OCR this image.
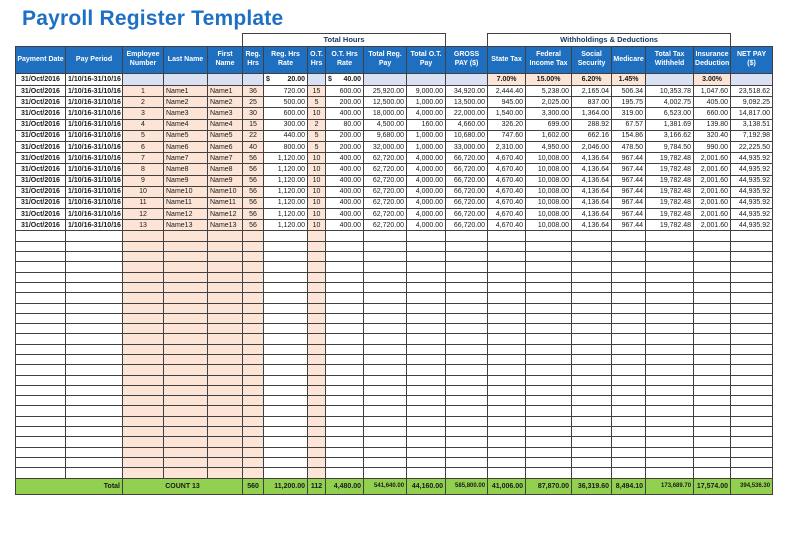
Payroll Register Template
					Total Hours							Withholdings & Deductions						
Payment Date	Pay Period	Employee Number	Last Name	First Name	Reg. Hrs	Reg. Hrs Rate	O.T. Hrs	O.T. Hrs Rate	Total Reg. Pay	Total O.T. Pay	GROSS PAY ($)	State Tax	Federal Income Tax	Social Security	Medicare	Total Tax Withheld	Insurance Deduction	NET PAY ($)
31/Oct/2016	1/10/16-31/10/16					$ 20.00		$ 40.00				7.00%	15.00%	6.20%	1.45%		3.00%	
31/Oct/2016	1/10/16-31/10/16	1	Name1	Name1	36	720.00	15	600.00	25,920.00	9,000.00	34,920.00	2,444.40	5,238.00	2,165.04	506.34	10,353.78	1,047.60	23,518.62
31/Oct/2016	1/10/16-31/10/16	2	Name2	Name2	25	500.00	5	200.00	12,500.00	1,000.00	13,500.00	945.00	2,025.00	837.00	195.75	4,002.75	405.00	9,092.25
31/Oct/2016	1/10/16-31/10/16	3	Name3	Name3	30	600.00	10	400.00	18,000.00	4,000.00	22,000.00	1,540.00	3,300.00	1,364.00	319.00	6,523.00	660.00	14,817.00
31/Oct/2016	1/10/16-31/10/16	4	Name4	Name4	15	300.00	2	80.00	4,500.00	160.00	4,660.00	326.20	699.00	288.92	67.57	1,381.69	139.80	3,138.51
31/Oct/2016	1/10/16-31/10/16	5	Name5	Name5	22	440.00	5	200.00	9,680.00	1,000.00	10,680.00	747.60	1,602.00	662.16	154.86	3,166.62	320.40	7,192.98
31/Oct/2016	1/10/16-31/10/16	6	Name6	Name6	40	800.00	5	200.00	32,000.00	1,000.00	33,000.00	2,310.00	4,950.00	2,046.00	478.50	9,784.50	990.00	22,225.50
31/Oct/2016	1/10/16-31/10/16	7	Name7	Name7	56	1,120.00	10	400.00	62,720.00	4,000.00	66,720.00	4,670.40	10,008.00	4,136.64	967.44	19,782.48	2,001.60	44,935.92
31/Oct/2016	1/10/16-31/10/16	8	Name8	Name8	56	1,120.00	10	400.00	62,720.00	4,000.00	66,720.00	4,670.40	10,008.00	4,136.64	967.44	19,782.48	2,001.60	44,935.92
31/Oct/2016	1/10/16-31/10/16	9	Name9	Name9	56	1,120.00	10	400.00	62,720.00	4,000.00	66,720.00	4,670.40	10,008.00	4,136.64	967.44	19,782.48	2,001.60	44,935.92
31/Oct/2016	1/10/16-31/10/16	10	Name10	Name10	56	1,120.00	10	400.00	62,720.00	4,000.00	66,720.00	4,670.40	10,008.00	4,136.64	967.44	19,782.48	2,001.60	44,935.92
31/Oct/2016	1/10/16-31/10/16	11	Name11	Name11	56	1,120.00	10	400.00	62,720.00	4,000.00	66,720.00	4,670.40	10,008.00	4,136.64	967.44	19,782.48	2,001.60	44,935.92
31/Oct/2016	1/10/16-31/10/16	12	Name12	Name12	56	1,120.00	10	400.00	62,720.00	4,000.00	66,720.00	4,670.40	10,008.00	4,136.64	967.44	19,782.48	2,001.60	44,935.92
31/Oct/2016	1/10/16-31/10/16	13	Name13	Name13	56	1,120.00	10	400.00	62,720.00	4,000.00	66,720.00	4,670.40	10,008.00	4,136.64	967.44	19,782.48	2,001.60	44,935.92

Total		COUNT 13			560	11,200.00	112	4,480.00	541,640.00	44,160.00	585,800.00	41,006.00	87,870.00	36,319.60	8,494.10	173,689.70	17,574.00	394,536.30
